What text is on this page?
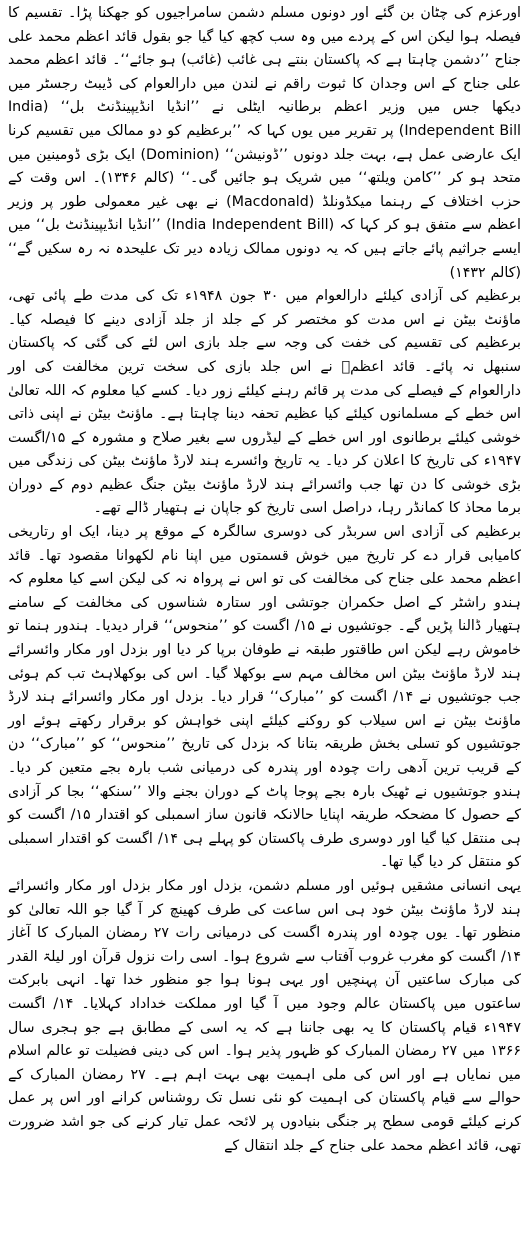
اورعزم کی چٹان بن گئے اور دونوں مسلم دشمن سامراجیوں کو جھکنا پڑا۔ تقسیم کا فیصلہ ہوا لیکن اس کے پردے میں وہ سب کچھ کیا گیا جو بقول قائد اعظم محمد علی جناح ’’دشمن چاہتا ہے کہ پاکستان بنتے ہی غائب (غائب) ہو جائے‘‘۔ قائد اعظم محمد علی جناح کے اس وجدان کا ثبوت راقم نے لندن میں دارالعوام کی ڈیبٹ رجسٹر میں دیکھا جس میں وزیر اعظم برطانیہ ایٹلی نے ’’انڈیا انڈیپینڈنٹ بل‘‘ (India Independent Bill) پر تقریر میں یوں کہا کہ ’’برعظیم کو دو ممالک میں تقسیم کرنا ایک عارضی عمل ہے، بہت جلد دونوں ’’ڈونیشن‘‘ (Dominion) ایک بڑی ڈومینین میں متحد ہو کر ’’کامن ویلتھ‘‘ میں شریک ہو جائیں گی۔‘‘ (کالم ۱۳۴۶)۔ اس وقت کے حزب اختلاف کے رہنما میکڈونلڈ (Macdonald) نے بھی غیر معمولی طور پر وزیر اعظم سے متفق ہو کر کہا کہ (India Independent Bill) ’’انڈیا انڈیپینڈنٹ بل‘‘ میں ایسے جراثیم پائے جاتے ہیں کہ یہ دونوں ممالک زیادہ دیر تک علیحدہ نہ رہ سکیں گے‘‘ (کالم ۱۴۳۲)

برعظیم کی آزادی کیلئے دارالعوام میں ۳۰ جون ۱۹۴۸ء تک کی مدت طے پائی تھی، ماؤنٹ بیٹن نے اس مدت کو مختصر کر کے جلد از جلد آزادی دینے کا فیصلہ کیا۔ برعظیم کی تقسیم کی خفت کی وجہ سے جلد بازی اس لئے کی گئی کہ پاکستان سنبھل نہ پائے۔ قائد اعظمؒ نے اس جلد بازی کی سخت ترین مخالفت کی اور دارالعوام کے فیصلے کی مدت پر قائم رہنے کیلئے زور دیا۔ کسے کیا معلوم کہ اللہ تعالیٰ اس خطے کے مسلمانوں کیلئے کیا عظیم تحفہ دینا چاہتا ہے۔ ماؤنٹ بیٹن نے اپنی ذاتی خوشی کیلئے برطانوی اور اس خطے کے لیڈروں سے بغیر صلاح و مشورہ کے ۱۵/اگست ۱۹۴۷ء کی تاریخ کا اعلان کر دیا۔ یہ تاریخ وائسرے ہند لارڈ ماؤنٹ بیٹن کی زندگی میں بڑی خوشی کا دن تھا جب وائسرائے ہند لارڈ ماؤنٹ بیٹن جنگ عظیم دوم کے دوران برما محاذ کا کمانڈر رہا، دراصل اسی تاریخ کو جاپان نے ہتھیار ڈالے تھے۔

برعظیم کی آزادی اس سربڈر کی دوسری سالگرہ کے موقع پر دینا، ایک او رتاریخی کامیابی قرار دے کر تاریخ میں خوش قسمتوں میں اپنا نام لکھوانا مقصود تھا۔ قائد اعظم محمد علی جناح کی مخالفت کی تو اس نے پرواہ نہ کی لیکن اسے کیا معلوم کہ ہندو راشٹر کے اصل حکمران جوتشی اور ستارہ شناسوں کی مخالفت کے سامنے ہتھیار ڈالنا پڑیں گے۔ جوتشیوں نے ۱۵/ اگست کو ’’منحوس‘‘ قرار دیدیا۔ ہندور ہنما تو خاموش رہے لیکن اس طاقتور طبقہ نے طوفان برپا کر دیا اور بزدل اور مکار وائسرائے ہند لارڈ ماؤنٹ بیٹن اس مخالف مہم سے بوکھلا گیا۔ اس کی بوکھلاہٹ تب کم ہوئی جب جوتشیوں نے ۱۴/ اگست کو ’’مبارک‘‘ قرار دیا۔ بزدل اور مکار وائسرائے ہند لارڈ ماؤنٹ بیٹن نے اس سیلاب کو روکنے کیلئے اپنی خواہش کو برقرار رکھتے ہوئے اور جوتشیوں کو تسلی بخش طریقہ بتانا کہ بزدل کی تاریخ ’’منحوس‘‘ کو ’’مبارک‘‘ دن کے قریب ترین آدھی رات چودہ اور پندرہ کی درمیانی شب بارہ بجے متعین کر دیا۔ ہندو جوتشیوں نے ٹھیک بارہ بجے پوجا پاٹ کے دوران بجنے والا ’’سنکھ‘‘ بجا کر آزادی کے حصول کا مضحکہ طریقہ اپنایا حالانکہ قانون ساز اسمبلی کو اقتدار ۱۵/ اگست کو ہی منتقل کیا گیا اور دوسری طرف پاکستان کو پہلے ہی ۱۴/ اگست کو اقتدار اسمبلی کو منتقل کر دیا گیا تھا۔

یہی انسانی مشقیں ہوئیں اور مسلم دشمن، بزدل اور مکار بزدل اور مکار وائسرائے ہند لارڈ ماؤنٹ بیٹن خود ہی اس ساعت کی طرف کھینچ کر آ گیا جو اللہ تعالیٰ کو منظور تھا۔ یوں چودہ اور پندرہ اگست کی درمیانی رات ۲۷ رمضان المبارک کا آغاز ۱۴/ اگست کو مغرب غروب آفتاب سے شروع ہوا۔ اسی رات نزول قرآن اور لیلۃ القدر کی مبارک ساعتیں آن پہنچیں اور یہی ہونا ہوا جو منظور خدا تھا۔ انہی بابرکت ساعتوں میں پاکستان عالم وجود میں آ گیا اور مملکت خداداد کہلایا۔ ۱۴/ اگست ۱۹۴۷ء قیام پاکستان کا یہ بھی جاننا ہے کہ یہ اسی کے مطابق ہے جو ہجری سال ۱۳۶۶ میں ۲۷ رمضان المبارک کو ظہور پذیر ہوا۔ اس کی دینی فضیلت تو عالم اسلام میں نمایاں ہے اور اس کی ملی اہمیت بھی بہت اہم ہے۔ ۲۷ رمضان المبارک کے حوالے سے قیام پاکستان کی اہمیت کو نئی نسل تک روشناس کرانے اور اس پر عمل کرنے کیلئے قومی سطح پر جنگی بنیادوں پر لائحہ عمل تیار کرنے کی جو اشد ضرورت تھی، قائد اعظم محمد علی جناح کے جلد انتقال کے
